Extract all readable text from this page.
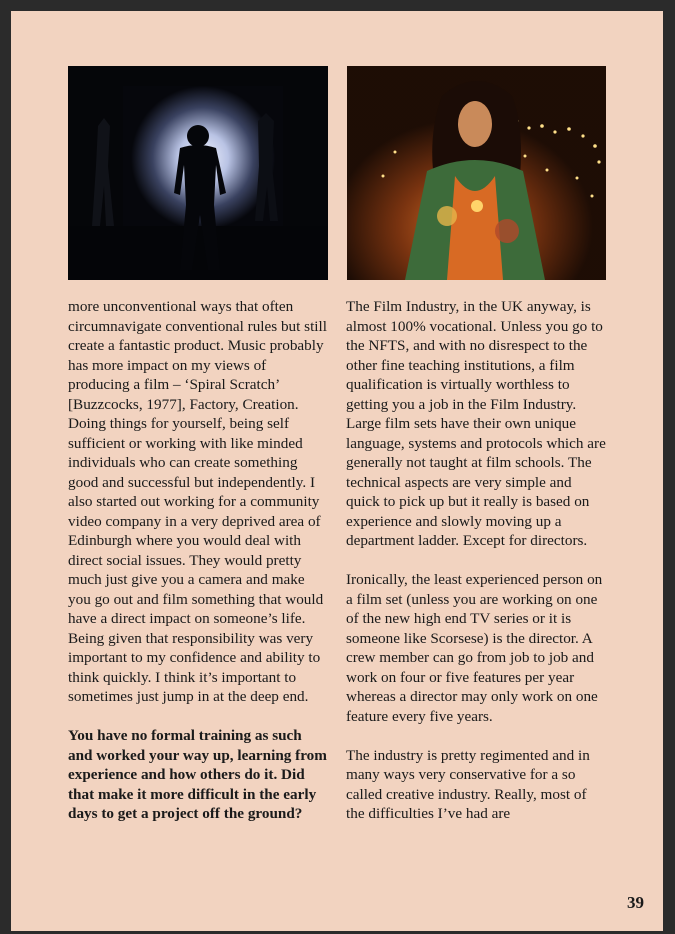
more unconventional ways that often circumnavigate conventional rules but still create a fantastic product. Music probably has more impact on my views of producing a film – ‘Spiral Scratch’ [Buzzcocks, 1977], Factory, Creation. Doing things for yourself, being self sufficient or working with like minded individuals who can create something good and successful but independently. I also started out working for a community video company in a very deprived area of Edinburgh where you would deal with direct social issues. They would pretty much just give you a camera and make you go out and film something that would have a direct impact on someone’s life. Being given that responsibility was very important to my confidence and ability to think quickly. I think it’s important to sometimes just jump in at the deep end.

You have no formal training as such and worked your way up, learning from experience and how others do it. Did that make it more difficult in the early days to get a project off the ground?

The Film Industry, in the UK anyway, is almost 100% vocational. Unless you go to the NFTS, and with no disrespect to the other fine teaching institutions, a film qualification is virtually worthless to getting you a job in the Film Industry. Large film sets have their own unique language, systems and protocols which are generally not taught at film schools. The technical aspects are very simple and quick to pick up but it really is based on experience and slowly moving up a department ladder. Except for directors.

Ironically, the least experienced person on a film set (unless you are working on one of the new high end TV series or it is someone like Scorsese) is the director. A crew member can go from job to job and work on four or five features per year whereas a director may only work on one feature every five years.

The industry is pretty regimented and in many ways very conservative for a so called creative industry. Really, most of the difficulties I’ve had are

39
